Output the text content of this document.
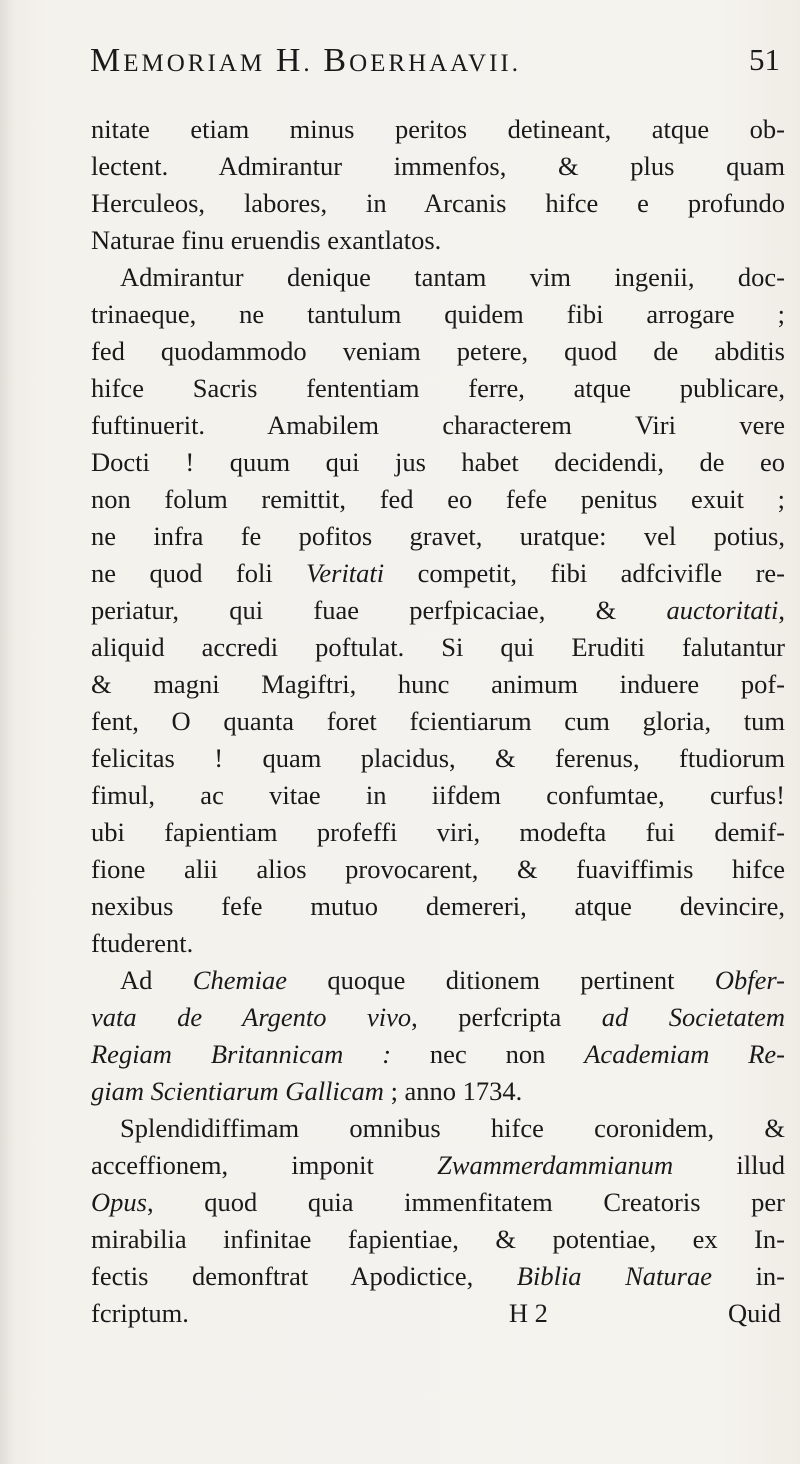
MEMORIAM H. BOERHAAVII.	51
nitate etiam minus peritos detineant, atque ob-
lectent. Admirantur immenfos, & plus quam
Herculeos, labores, in Arcanis hifce e profundo
Naturae finu eruendis exantlatos.
Admirantur denique tantam vim ingenii, doc-
trinaeque, ne tantulum quidem fibi arrogare ;
fed quodammodo veniam petere, quod de abditis
hifce Sacris fententiam ferre, atque publicare,
fuftinuerit. Amabilem characterem Viri vere
Docti ! quum qui jus habet decidendi, de eo
non folum remittit, fed eo fefe penitus exuit ;
ne infra fe pofitos gravet, uratque: vel potius,
ne quod foli Veritati competit, fibi adfcivifle re-
periatur, qui fuae perfpicaciae, & auctoritati,
aliquid accredi poftulat. Si qui Eruditi falutantur
& magni Magiftri, hunc animum induere pof-
fent, O quanta foret fcientiarum cum gloria, tum
felicitas ! quam placidus, & ferenus, ftudiorum
fimul, ac vitae in iifdem confumtae, curfus!
ubi fapientiam profeffi viri, modefta fui demif-
fione alii alios provocarent, & fuaviffimis hifce
nexibus fefe mutuo demereri, atque devincire,
ftuderent.
Ad Chemiae quoque ditionem pertinent Obfer-
vata de Argento vivo, perfcripta ad Societatem
Regiam Britannicam : nec non Academiam Re-
giam Scientiarum Gallicam ; anno 1734.
Splendidiffimam omnibus hifce coronidem, &
acceffionem, imponit Zwammerdammianum illud
Opus, quod quia immenfitatem Creatoris per
mirabilia infinitae fapientiae, & potentiae, ex In-
fectis demonftrat Apodictice, Biblia Naturae in-
fcriptum.	H 2	Quid
